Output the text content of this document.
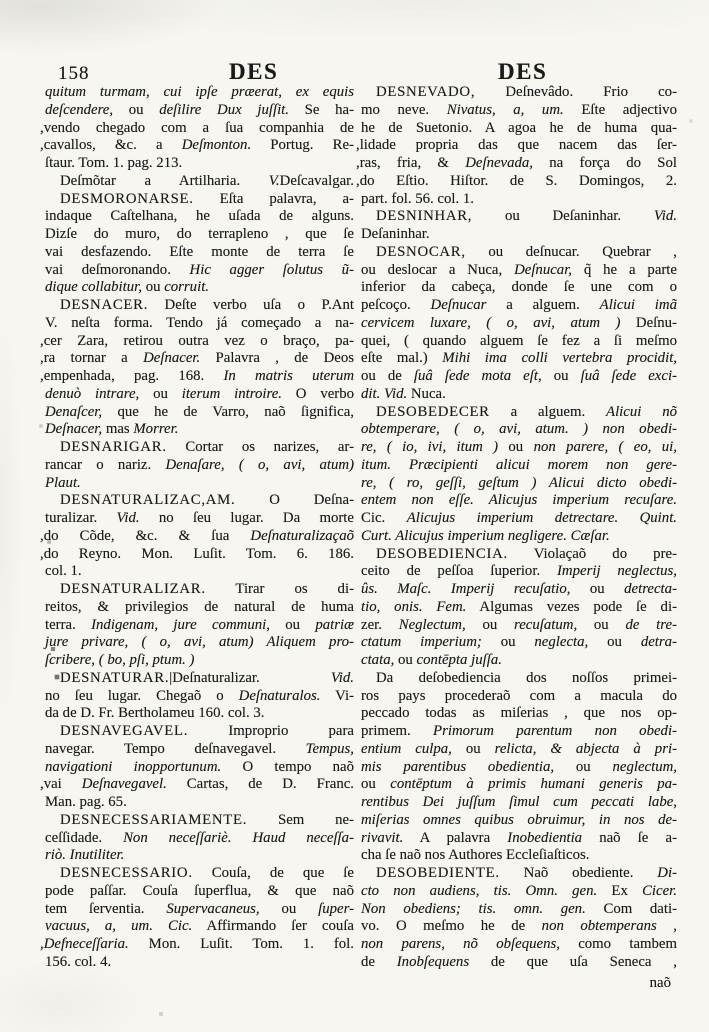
158	DES	DES
quitum turmam, cui ipſe præerat, ex equis
deſcendere, ou deſilire Dux juſſit. Se ha-
,vendo chegado com a ſua companhia de
,cavallos, &c. a Deſmonton. Portug. Re-
ſtaur. Tom. 1. pag. 213.
Deſmõtar a Artilharia. V.Deſcavalgar.
DESMORONARSE. Eſta palavra, a-
indaque Caſtelhana, he uſada de alguns.
Dizſe do muro, do terrapleno , que ſe
vai desfazendo. Eſte monte de terra ſe
vai deſmoronando. Hic agger ſolutus ũ-
dique collabitur, ou corruit.
DESNACER. Deſte verbo uſa o P.Ant
V. neſta forma. Tendo já começado a na-
,cer Zara, retirou outra vez o braço, pa-
,ra tornar a Deſnacer. Palavra , de Deos
,empenhada, pag. 168. In matris uterum
denuò intrare, ou iterum introire. O verbo
Denaſcer, que he de Varro, naõ ſignifica,
Deſnacer, mas Morrer.
DESNARIGAR. Cortar os narizes, ar-
rancar o nariz. Denaſare, ( o, avi, atum)
Plaut.
DESNATURALIZAC,AM. O Deſna-
turalizar. Vid. no ſeu lugar. Da morte
,do Cõde, &c. & ſua Deſnaturalizaçaõ
,do Reyno. Mon. Luſit. Tom. 6. 186.
col. 1.
DESNATURALIZAR. Tirar os di-
reitos, & privilegios de natural de huma
terra. Indigenam, jure communi, ou patriæ
jure privare, ( o, avi, atum) Aliquem pro-
ſcribere, ( bo, pſi, ptum. )
DESNATURAR.|Deſnaturalizar. Vid.
no ſeu lugar. Chegaõ o Deſnaturalos. Vi-
da de D. Fr. Bertholameu 160. col. 3.
DESNAVEGAVEL. Improprio para
navegar. Tempo deſnavegavel. Tempus,
navigationi inopportunum. O tempo naõ
,vai Deſnavegavel. Cartas, de D. Franc.
Man. pag. 65.
DESNECESSARIAMENTE. Sem ne-
ceſſidade. Non neceſſariè. Haud neceſſa-
riò. Inutiliter.
DESNECESSARIO. Couſa, de que ſe
pode paſſar. Couſa ſuperflua, & que naõ
tem ſerventia. Supervacaneus, ou ſuper-
vacuus, a, um. Cic. Affirmando ſer couſa
,Deſneceſſaria. Mon. Luſit. Tom. 1. fol.
156. col. 4.
DESNEVADO, Deſnevâdo. Frio co-
mo neve. Nivatus, a, um. Eſte adjectivo
he de Suetonio. A agoa he de huma qua-
,lidade propria das que nacem das ſer-
,ras, fria, & Deſnevada, na força do Sol
,do Eſtio. Hiſtor. de S. Domingos, 2.
part. fol. 56. col. 1.
DESNINHAR, ou Deſaninhar. Vid.
Deſaninhar.
DESNOCAR, ou deſnucar. Quebrar ,
ou deslocar a Nuca, Deſnucar, q̃ he a parte
inferior da cabeça, donde ſe une com o
peſcoço. Deſnucar a alguem. Alicui imã
cervicem luxare, ( o, avi, atum ) Deſnu-
quei, ( quando alguem ſe fez a ſi meſmo
eſte mal.) Mihi ima colli vertebra procidit,
ou de ſuâ ſede mota eſt, ou ſuâ ſede exci-
dit. Vid. Nuca.
DESOBEDECER a alguem. Alicui nõ
obtemperare, ( o, avi, atum. ) non obedi-
re, ( io, ivi, itum ) ou non parere, ( eo, ui,
itum. Præcipienti alicui morem non gere-
re, ( ro, geſſi, geſtum ) Alicui dicto obedi-
entem non eſſe. Alicujus imperium recuſare.
Cic. Alicujus imperium detrectare. Quint.
Curt. Alicujus imperium negligere. Cæſar.
DESOBEDIENCIA. Violaçaõ do pre-
ceito de peſſoa ſuperior. Imperij neglectus,
ûs. Maſc. Imperij recuſatio, ou detrecta-
tio, onis. Fem. Algumas vezes pode ſe di-
zer. Neglectum, ou recuſatum, ou de tre-
ctatum imperium; ou neglecta, ou detra-
ctata, ou contēpta juſſa.
Da deſobediencia dos noſſos primei-
ros pays procederaõ com a macula do
peccado todas as miſerias , que nos op-
primem. Primorum parentum non obedi-
entium culpa, ou relicta, & abjecta à pri-
mis parentibus obedientia, ou neglectum,
ou contēptum à primis humani generis pa-
rentibus Dei juſſum ſimul cum peccati labe,
miſerias omnes quibus obruimur, in nos de-
rivavit. A palavra Inobedientia naõ ſe a-
cha ſe naõ nos Authores Eccleſiaſticos.
DESOBEDIENTE. Naõ obediente. Di-
cto non audiens, tis. Omn. gen. Ex Cicer.
Non obediens; tis. omn. gen. Com dati-
vo. O meſmo he de non obtemperans ,
non parens, nõ obſequens, como tambem
de Inobſequens de que uſa Seneca ,
naõ
